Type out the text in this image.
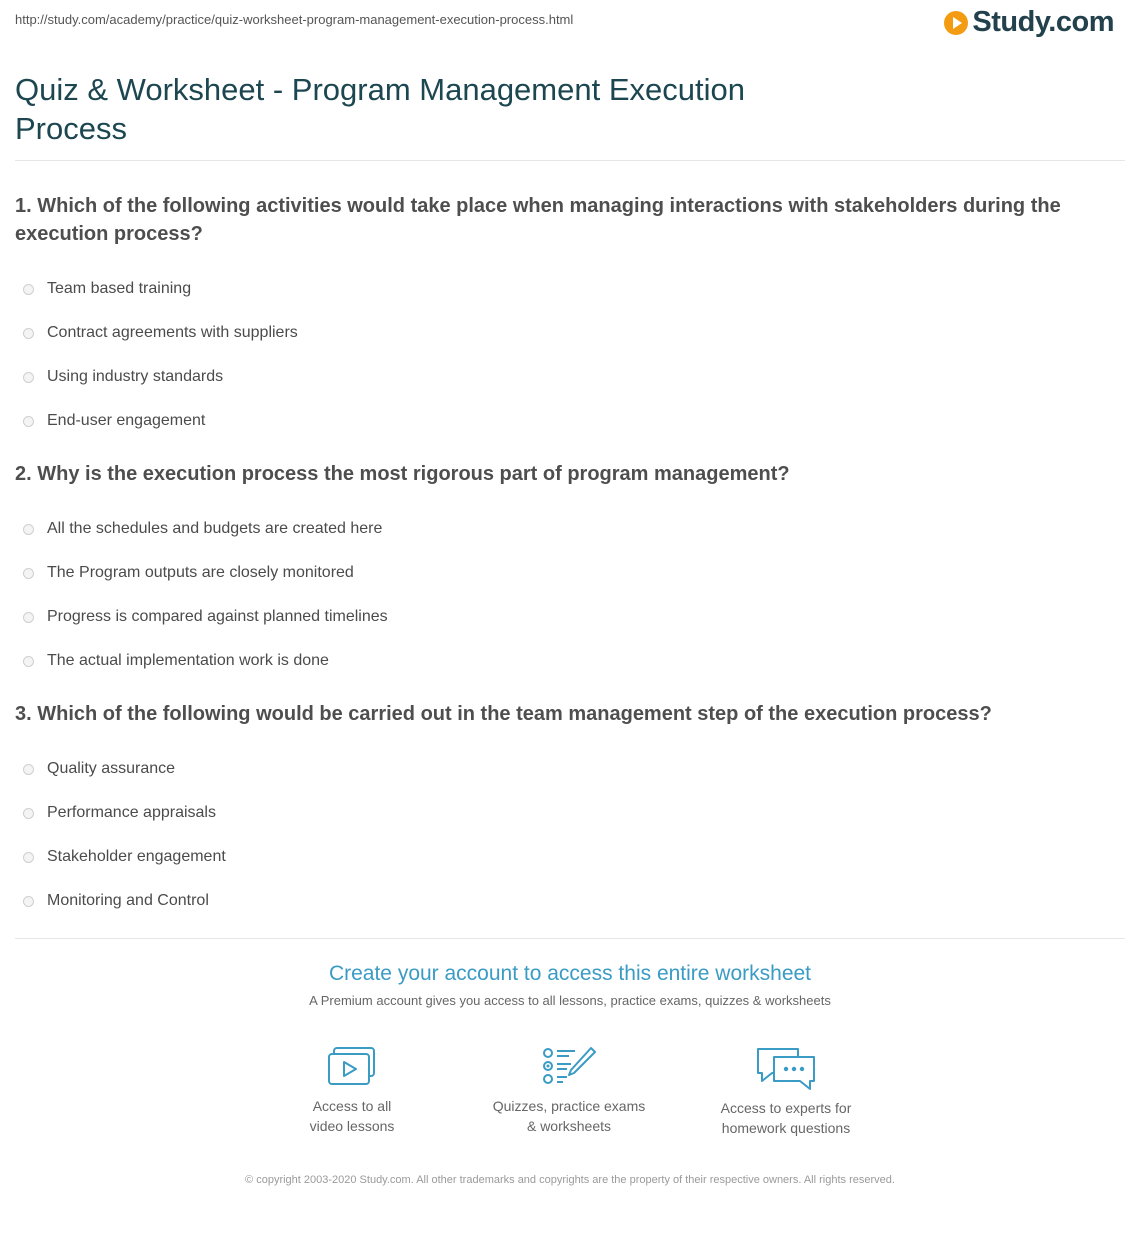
http://study.com/academy/practice/quiz-worksheet-program-management-execution-process.html	Study.com
Quiz & Worksheet - Program Management Execution Process
1. Which of the following activities would take place when managing interactions with stakeholders during the execution process?
Team based training
Contract agreements with suppliers
Using industry standards
End-user engagement
2. Why is the execution process the most rigorous part of program management?
All the schedules and budgets are created here
The Program outputs are closely monitored
Progress is compared against planned timelines
The actual implementation work is done
3. Which of the following would be carried out in the team management step of the execution process?
Quality assurance
Performance appraisals
Stakeholder engagement
Monitoring and Control
Create your account to access this entire worksheet
A Premium account gives you access to all lessons, practice exams, quizzes & worksheets
Access to all
video lessons
Quizzes, practice exams
& worksheets
Access to experts for
homework questions
© copyright 2003-2020 Study.com. All other trademarks and copyrights are the property of their respective owners. All rights reserved.
